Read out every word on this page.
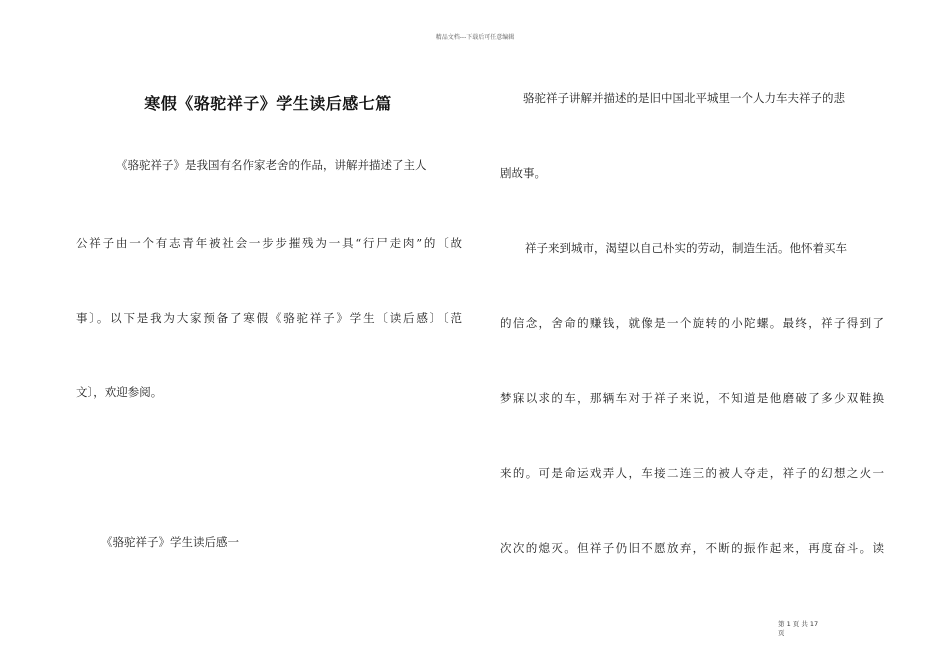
精品文档---下载后可任意编辑
寒假《骆驼祥子》学生读后感七篇
《骆驼祥子》是我国有名作家老舍的作品，讲解并描述了主人
公祥子由一个有志青年被社会一步步摧残为一具“行尸走肉”的〔故
事〕。以下是我为大家预备了寒假《骆驼祥子》学生〔读后感〕〔范
文〕，欢迎参阅。
《骆驼祥子》学生读后感一
骆驼祥子讲解并描述的是旧中国北平城里一个人力车夫祥子的悲
剧故事。
祥子来到城市，渴望以自己朴实的劳动，制造生活。他怀着买车
的信念，舍命的赚钱，就像是一个旋转的小陀螺。最终，祥子得到了
梦寐以求的车，那辆车对于祥子来说，不知道是他磨破了多少双鞋换
来的。可是命运戏弄人，车接二连三的被人夺走，祥子的幻想之火一
次次的熄灭。但祥子仍旧不愿放弃，不断的振作起来，再度奋斗。读
第 1 页 共 17
页
